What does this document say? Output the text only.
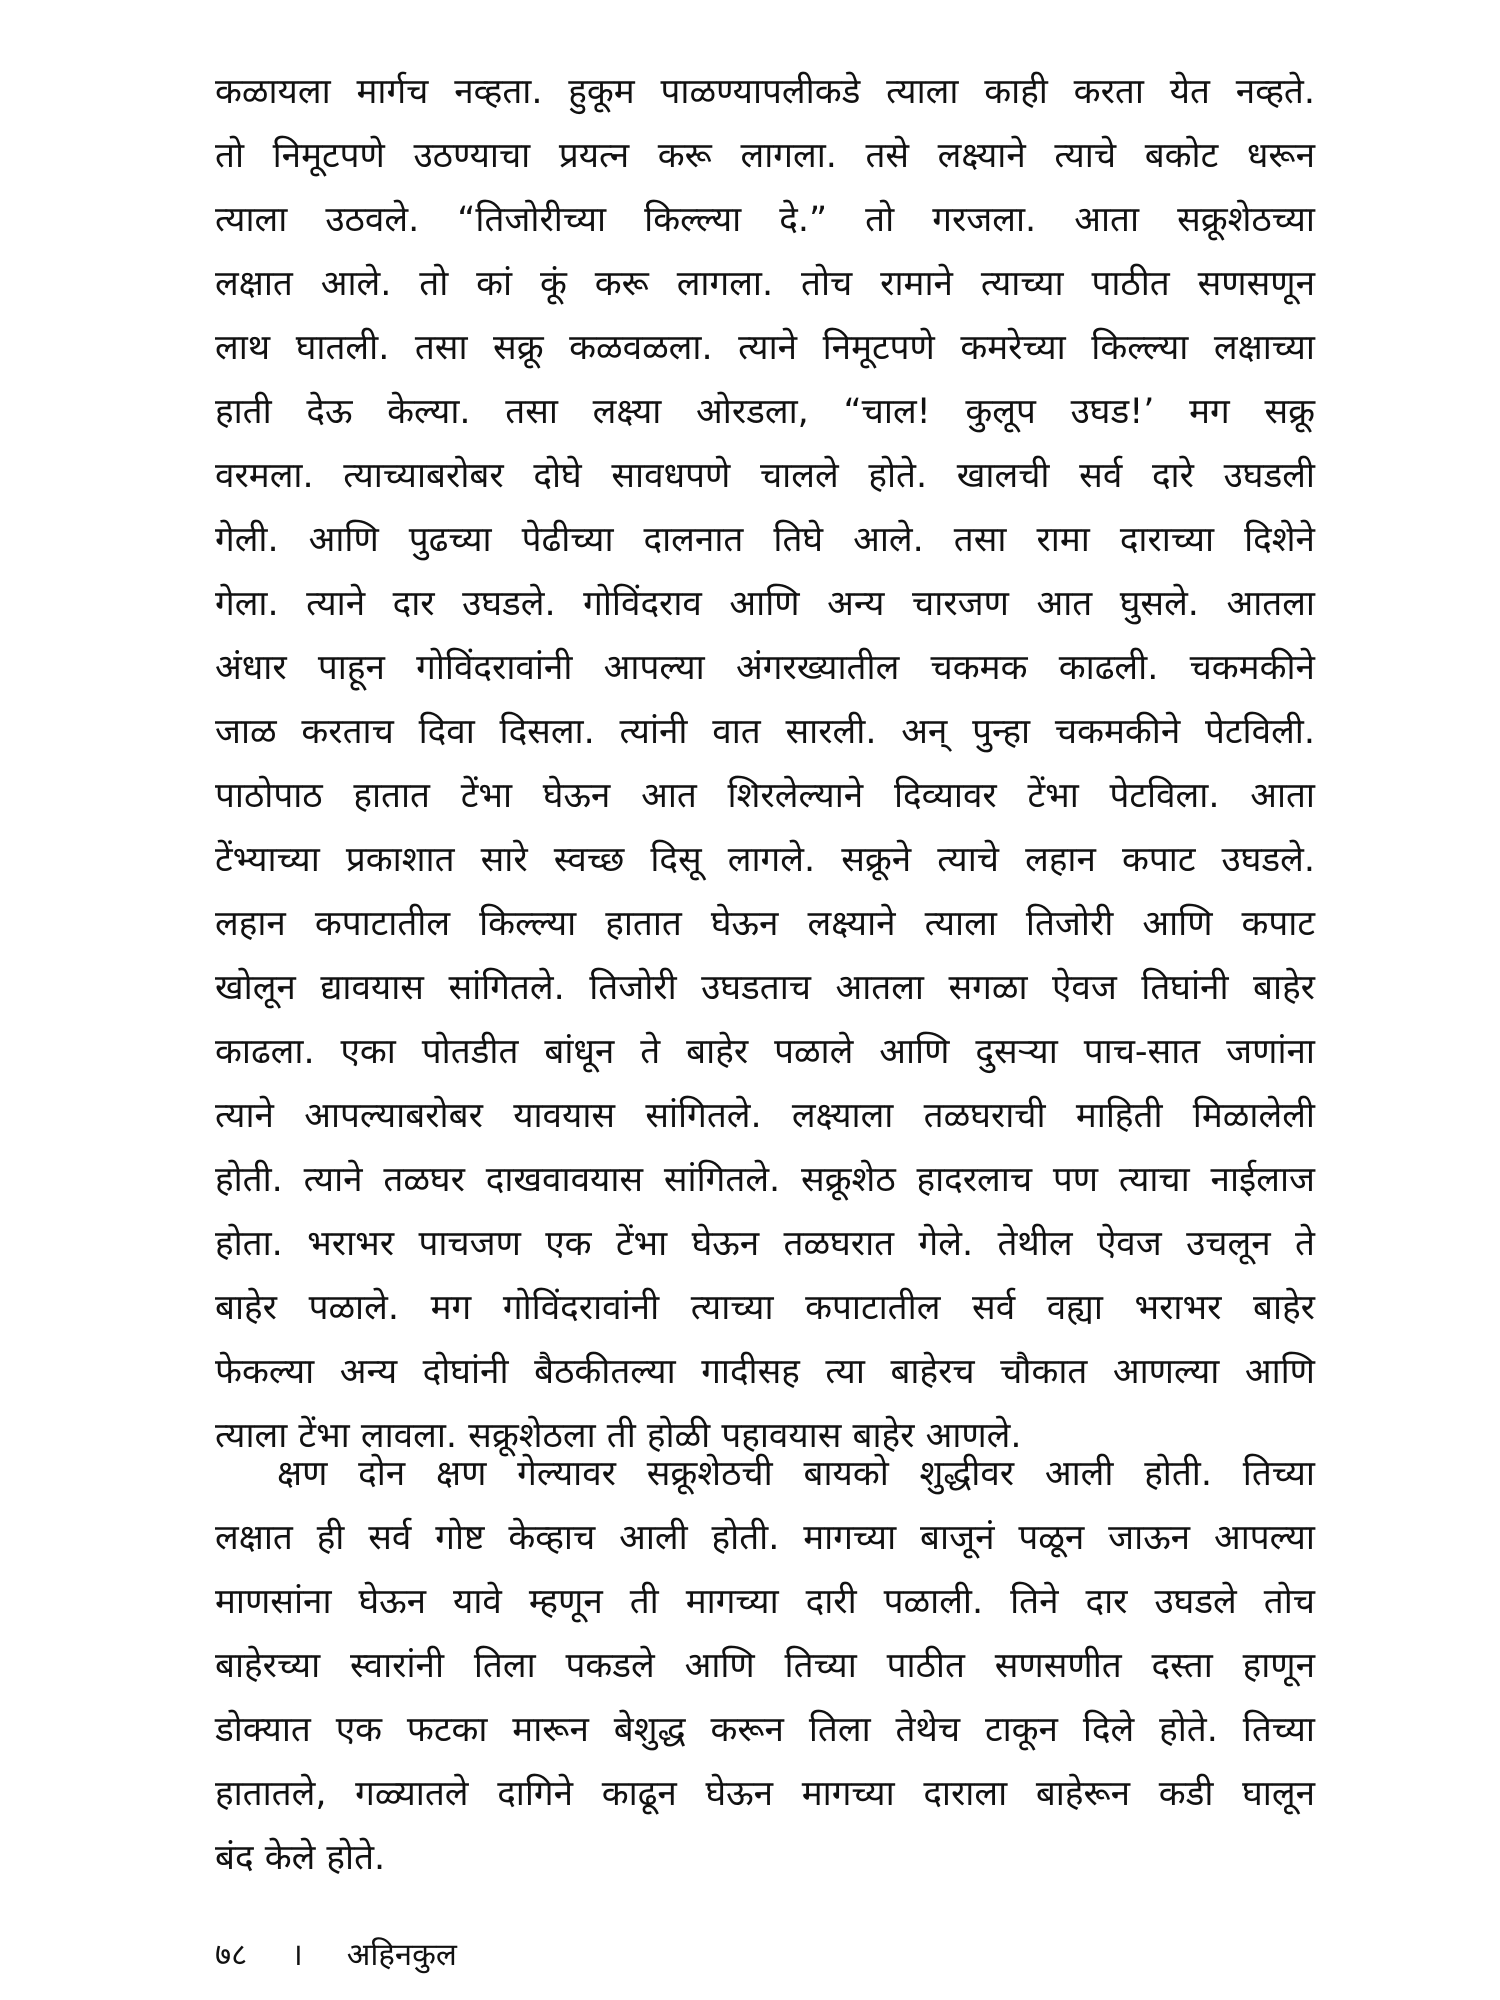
कळायला मार्गच नव्हता. हुकूम पाळण्यापलीकडे त्याला काही करता येत नव्हते.
तो निमूटपणे उठण्याचा प्रयत्न करू लागला. तसे लक्ष्याने त्याचे बकोट धरून
त्याला उठवले. “तिजोरीच्या किल्ल्या दे.” तो गरजला. आता सक्रूशेठच्या
लक्षात आले. तो कां कूं करू लागला. तोच रामाने त्याच्या पाठीत सणसणून
लाथ घातली. तसा सक्रू कळवळला. त्याने निमूटपणे कमरेच्या किल्ल्या लक्षाच्या
हाती देऊ केल्या. तसा लक्ष्या ओरडला, “चाल! कुलूप उघड!’ मग सक्रू
वरमला. त्याच्याबरोबर दोघे सावधपणे चालले होते. खालची सर्व दारे उघडली
गेली. आणि पुढच्या पेढीच्या दालनात तिघे आले. तसा रामा दाराच्या दिशेने
गेला. त्याने दार उघडले. गोविंदराव आणि अन्य चारजण आत घुसले. आतला
अंधार पाहून गोविंदरावांनी आपल्या अंगरख्यातील चकमक काढली. चकमकीने
जाळ करताच दिवा दिसला. त्यांनी वात सारली. अन् पुन्हा चकमकीने पेटविली.
पाठोपाठ हातात टेंभा घेऊन आत शिरलेल्याने दिव्यावर टेंभा पेटविला. आता
टेंभ्याच्या प्रकाशात सारे स्वच्छ दिसू लागले. सक्रूने त्याचे लहान कपाट उघडले.
लहान कपाटातील किल्ल्या हातात घेऊन लक्ष्याने त्याला तिजोरी आणि कपाट
खोलून द्यावयास सांगितले. तिजोरी उघडताच आतला सगळा ऐवज तिघांनी बाहेर
काढला. एका पोतडीत बांधून ते बाहेर पळाले आणि दुसऱ्या पाच-सात जणांना
त्याने आपल्याबरोबर यावयास सांगितले. लक्ष्याला तळघराची माहिती मिळालेली
होती. त्याने तळघर दाखवावयास सांगितले. सक्रूशेठ हादरलाच पण त्याचा नाईलाज
होता. भराभर पाचजण एक टेंभा घेऊन तळघरात गेले. तेथील ऐवज उचलून ते
बाहेर पळाले. मग गोविंदरावांनी त्याच्या कपाटातील सर्व वह्या भराभर बाहेर
फेकल्या अन्य दोघांनी बैठकीतल्या गादीसह त्या बाहेरच चौकात आणल्या आणि
त्याला टेंभा लावला. सक्रूशेठला ती होळी पहावयास बाहेर आणले.
क्षण दोन क्षण गेल्यावर सक्रूशेठची बायको शुद्धीवर आली होती. तिच्या
लक्षात ही सर्व गोष्ट केव्हाच आली होती. मागच्या बाजूनं पळून जाऊन आपल्या
माणसांना घेऊन यावे म्हणून ती मागच्या दारी पळाली. तिने दार उघडले तोच
बाहेरच्या स्वारांनी तिला पकडले आणि तिच्या पाठीत सणसणीत दस्ता हाणून
डोक्यात एक फटका मारून बेशुद्ध करून तिला तेथेच टाकून दिले होते. तिच्या
हातातले, गळ्यातले दागिने काढून घेऊन मागच्या दाराला बाहेरून कडी घालून
बंद केले होते.
७८ । अहिनकुल
